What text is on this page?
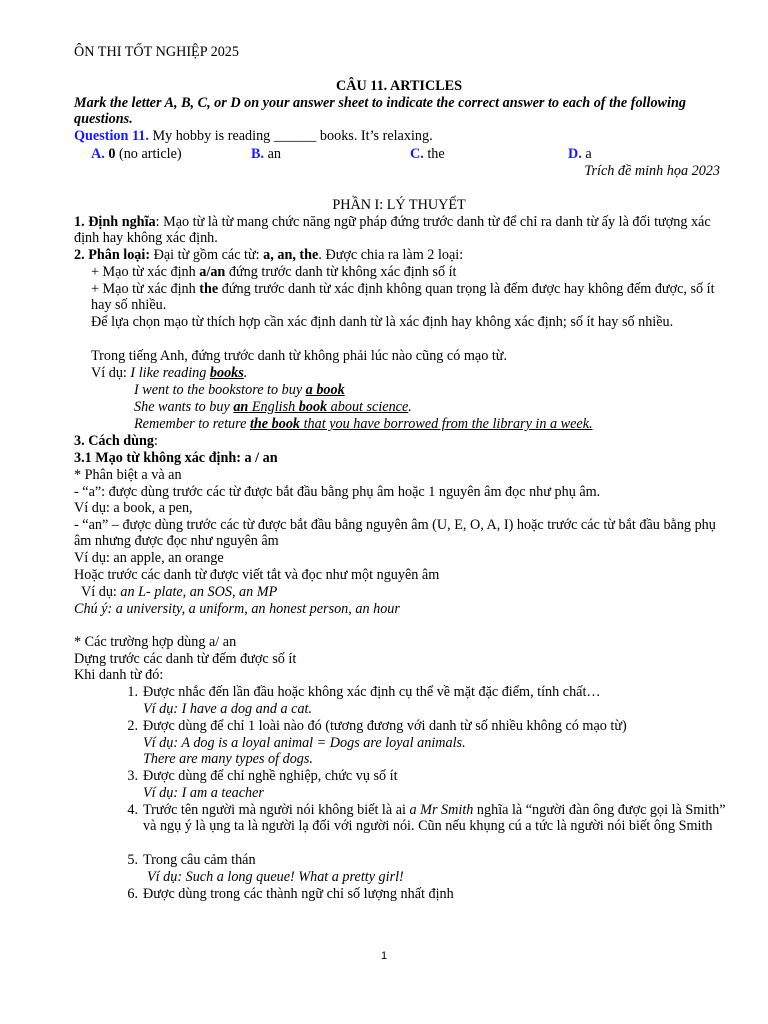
ÔN THI TỐT NGHIỆP 2025
CÂU 11. ARTICLES
Mark the letter A, B, C, or D on your answer sheet to indicate the correct answer to each of the following questions.
Question 11. My hobby is reading ______ books. It’s relaxing.
A. 0 (no article)	B. an	C. the	D. a
Trích đề minh họa 2023
PHẦN I: LÝ THUYẾT
1. Định nghĩa: Mạo từ là từ mang chức năng ngữ pháp đứng trước danh từ để chỉ ra danh từ ấy là đối tượng xác định hay không xác định.
2. Phân loại: Đại từ gồm các từ: a, an, the. Được chia ra làm 2 loại:
+ Mạo từ xác định a/an đứng trước danh từ không xác định số ít
+ Mạo từ xác định the đứng trước danh từ xác định không quan trọng là đếm được hay không đếm được, số ít hay số nhiều.
Để lựa chọn mạo từ thích hợp cần xác định danh từ là xác định hay không xác định; số ít hay số nhiều.
Trong tiếng Anh, đứng trước danh từ không phải lúc nào cũng có mạo từ.
Ví dụ: I like reading books.
I went to the bookstore to buy a book
She wants to buy an English book about science.
Remember to reture the book that you have borrowed from the library in a week.
3. Cách dùng:
3.1 Mạo từ không xác định: a / an
* Phân biệt a và an
- “a”: được dùng trước các từ được bắt đầu bằng phụ âm hoặc 1 nguyên âm đọc như phụ âm.
Ví dụ: a book, a pen,
- “an” – được dùng trước các từ được bắt đầu bằng nguyên âm (U, E, O, A, I) hoặc trước các từ bắt đầu bằng phụ âm nhưng được đọc như nguyên âm
Ví dụ: an apple, an orange
Hoặc trước các danh từ được viết tắt và đọc như một nguyên âm
Ví dụ: an L- plate, an SOS, an MP
Chú ý: a university, a uniform, an honest person, an hour
* Các trường hợp dùng a/ an
Dựng trước các danh từ đếm được số ít
Khi danh từ đó:
1. Được nhắc đến lần đầu hoặc không xác định cụ thể về mặt đặc điểm, tính chất…
Ví dụ: I have a dog and a cat.
2. Được dùng để chỉ 1 loài nào đó (tương đương với danh từ số nhiều không có mạo từ)
Ví dụ: A dog is a loyal animal = Dogs are loyal animals.
There are many types of dogs.
3. Được dùng để chỉ nghề nghiệp, chức vụ số ít
Ví dụ: I am a teacher
4. Trước tên người mà người nói không biết là ai a Mr Smith nghĩa là “người đàn ông được gọi là Smith” và ngụ ý là ụng ta là người lạ đối với người nói. Cũn nếu khụng cú a tức là người nói biết ông Smith
5. Trong câu cảm thán
Ví dụ: Such a long queue! What a pretty girl!
6. Được dùng trong các thành ngữ chỉ số lượng nhất định
1
